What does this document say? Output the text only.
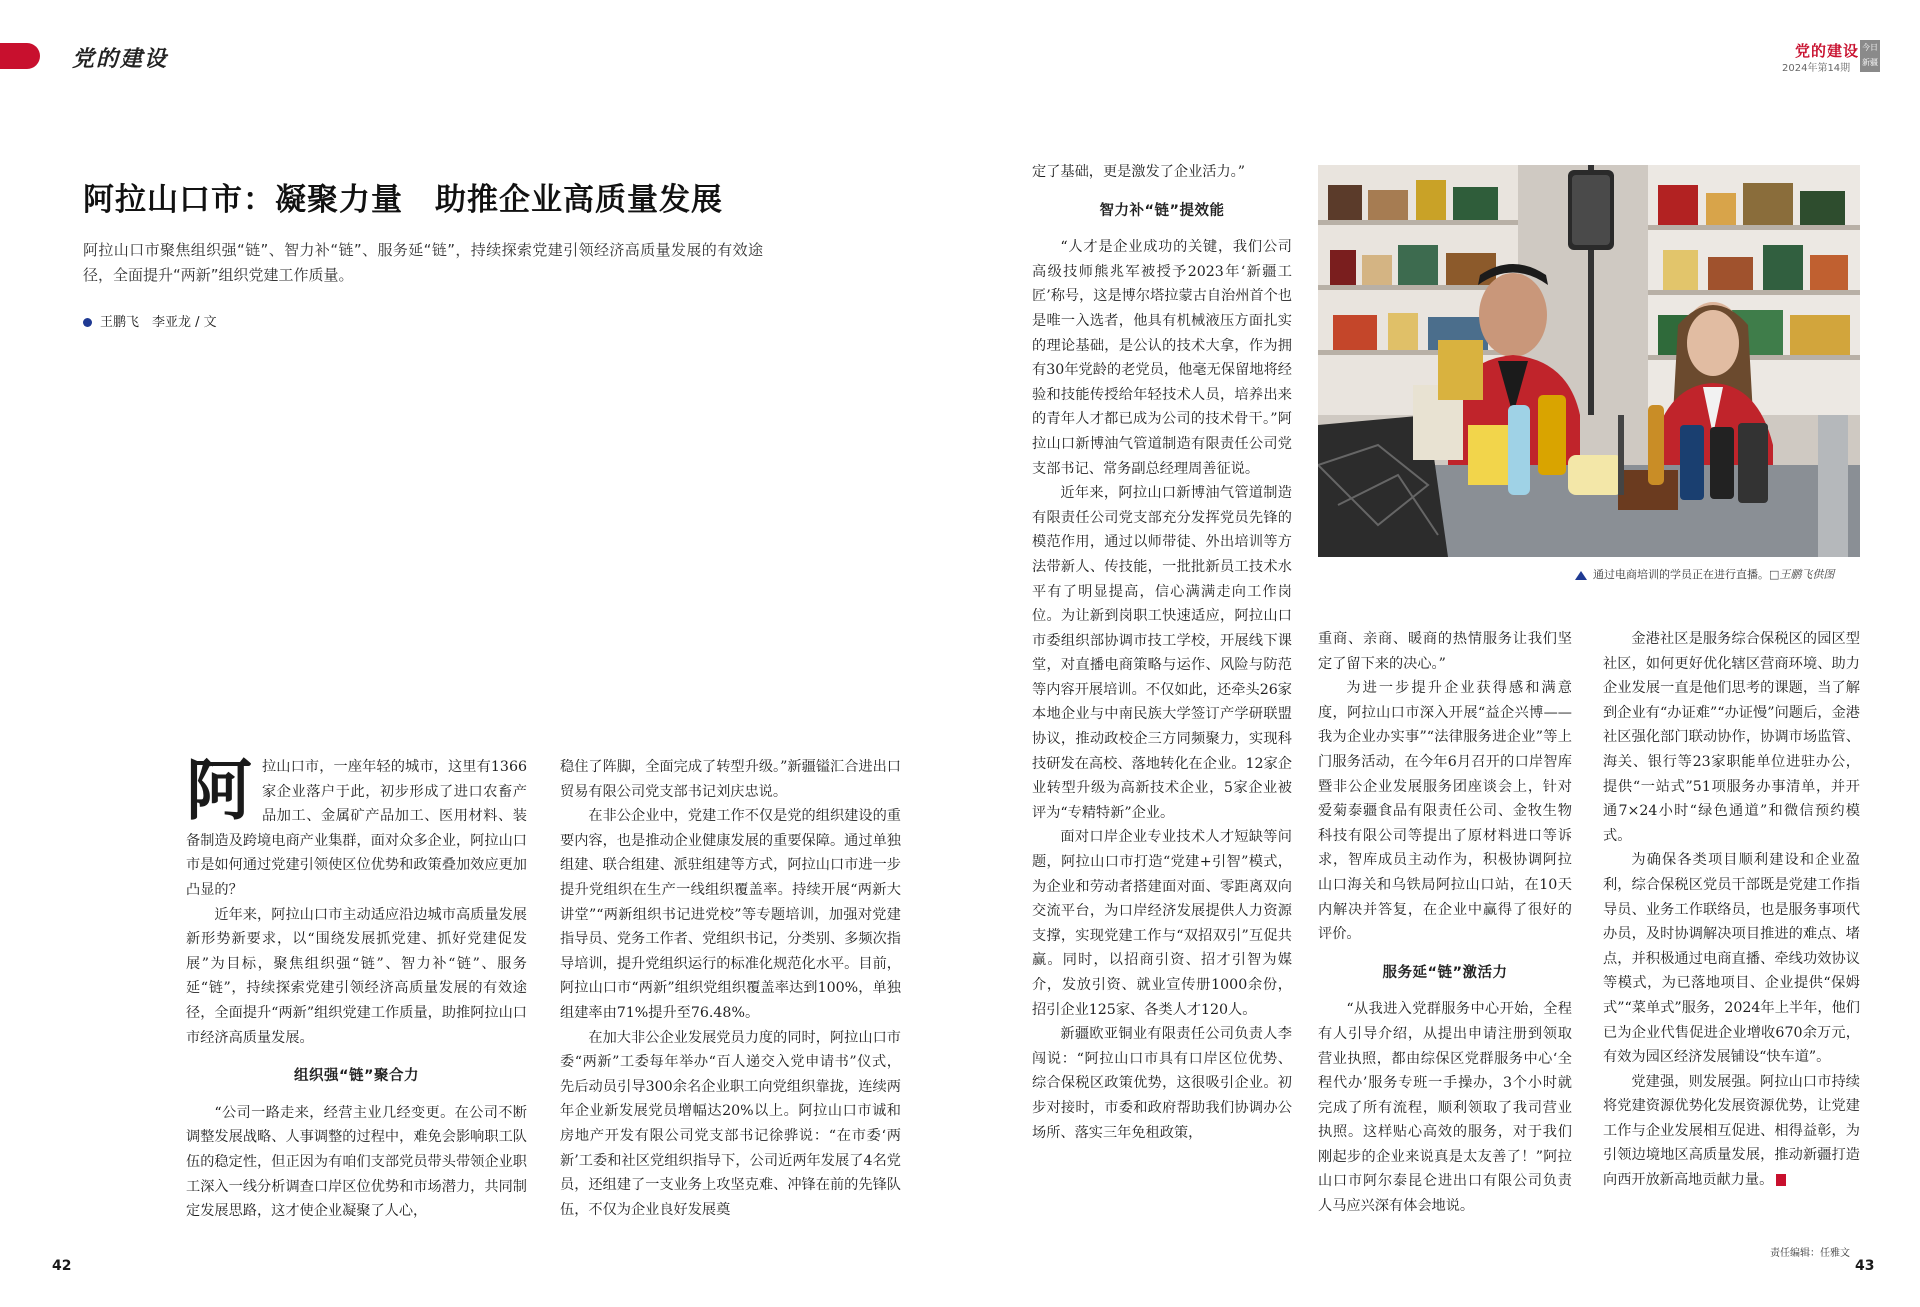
党的建设	党的建设
2024年第14期
今日
新疆
阿拉山口市：凝聚力量　助推企业高质量发展
阿拉山口市聚焦组织强“链”、智力补“链”、服务延“链”，持续探索党建引领经济高质量发展的有效途径，全面提升“两新”组织党建工作质量。
王鹏飞　李亚龙 / 文
阿 拉山口市，一座年轻的城市，这里有1366家企业落户于此，初步形成了进口农畜产品加工、金属矿产品加工、医用材料、装备制造及跨境电商产业集群，面对众多企业，阿拉山口市是如何通过党建引领使区位优势和政策叠加效应更加凸显的？

近年来，阿拉山口市主动适应沿边城市高质量发展新形势新要求，以“围绕发展抓党建、抓好党建促发展”为目标，聚焦组织强“链”、智力补“链”、服务延“链”，持续探索党建引领经济高质量发展的有效途径，全面提升“两新”组织党建工作质量，助推阿拉山口市经济高质量发展。

组织强“链”聚合力

“公司一路走来，经营主业几经变更。在公司不断调整发展战略、人事调整的过程中，难免会影响职工队伍的稳定性，但正因为有咱们支部党员带头带领企业职工深入一线分析调查口岸区位优势和市场潜力，共同制定发展思路，这才使企业凝聚了人心，

稳住了阵脚，全面完成了转型升级。”新疆镒汇合进出口贸易有限公司党支部书记刘庆忠说。

在非公企业中，党建工作不仅是党的组织建设的重要内容，也是推动企业健康发展的重要保障。通过单独组建、联合组建、派驻组建等方式，阿拉山口市进一步提升党组织在生产一线组织覆盖率。持续开展“两新大讲堂”“两新组织书记进党校”等专题培训，加强对党建指导员、党务工作者、党组织书记，分类别、多频次指导培训，提升党组织运行的标准化规范化水平。目前，阿拉山口市“两新”组织党组织覆盖率达到100%，单独组建率由71%提升至76.48%。

在加大非公企业发展党员力度的同时，阿拉山口市委“两新”工委每年举办“百人递交入党申请书”仪式，先后动员引导300余名企业职工向党组织靠拢，连续两年企业新发展党员增幅达20%以上。阿拉山口市诚和房地产开发有限公司党支部书记徐骅说：“在市委‘两新’工委和社区党组织指导下，公司近两年发展了4名党员，还组建了一支业务上攻坚克难、冲锋在前的先锋队伍，不仅为企业良好发展奠

42

定了基础，更是激发了企业活力。”

智力补“链”提效能

“人才是企业成功的关键，我们公司高级技师熊兆军被授予2023年‘新疆工匠’称号，这是博尔塔拉蒙古自治州首个也是唯一入选者，他具有机械液压方面扎实的理论基础，是公认的技术大拿，作为拥有30年党龄的老党员，他毫无保留地将经验和技能传授给年轻技术人员，培养出来的青年人才都已成为公司的技术骨干。”阿拉山口新博油气管道制造有限责任公司党支部书记、常务副总经理周善征说。

近年来，阿拉山口新博油气管道制造有限责任公司党支部充分发挥党员先锋的模范作用，通过以师带徒、外出培训等方法带新人、传技能，一批批新员工技术水平有了明显提高，信心满满走向工作岗位。为让新到岗职工快速适应，阿拉山口市委组织部协调市技工学校，开展线下课堂，对直播电商策略与运作、风险与防范等内容开展培训。不仅如此，还牵头26家本地企业与中南民族大学签订产学研联盟协议，推动政校企三方同频聚力，实现科技研发在高校、落地转化在企业。12家企业转型升级为高新技术企业，5家企业被评为“专精特新”企业。

面对口岸企业专业技术人才短缺等问题，阿拉山口市打造“党建+引智”模式，为企业和劳动者搭建面对面、零距离双向交流平台，为口岸经济发展提供人力资源支撑，实现党建工作与“双招双引”互促共赢。同时，以招商引资、招才引智为媒介，发放引资、就业宣传册1000余份，招引企业125家、各类人才120人。

新疆欧亚铜业有限责任公司负责人李闯说：“阿拉山口市具有口岸区位优势、综合保税区政策优势，这很吸引企业。初步对接时，市委和政府帮助我们协调办公场所、落实三年免租政策，

通过电商培训的学员正在进行直播。□王鹏飞供图

重商、亲商、暖商的热情服务让我们坚定了留下来的决心。”

为进一步提升企业获得感和满意度，阿拉山口市深入开展“益企兴博——我为企业办实事”“法律服务进企业”等上门服务活动，在今年6月召开的口岸智库暨非公企业发展服务团座谈会上，针对爱菊泰疆食品有限责任公司、金牧生物科技有限公司等提出了原材料进口等诉求，智库成员主动作为，积极协调阿拉山口海关和乌铁局阿拉山口站，在10天内解决并答复，在企业中赢得了很好的评价。

服务延“链”激活力

“从我进入党群服务中心开始，全程有人引导介绍，从提出申请注册到领取营业执照，都由综保区党群服务中心‘全程代办’服务专班一手操办，3个小时就完成了所有流程，顺利领取了我司营业执照。这样贴心高效的服务，对于我们刚起步的企业来说真是太友善了！”阿拉山口市阿尔泰昆仑进出口有限公司负责人马应兴深有体会地说。

金港社区是服务综合保税区的园区型社区，如何更好优化辖区营商环境、助力企业发展一直是他们思考的课题，当了解到企业有“办证难”“办证慢”问题后，金港社区强化部门联动协作，协调市场监管、海关、银行等23家职能单位进驻办公，提供“一站式”51项服务办事清单，并开通7×24小时“绿色通道”和微信预约模式。

为确保各类项目顺利建设和企业盈利，综合保税区党员干部既是党建工作指导员、业务工作联络员，也是服务事项代办员，及时协调解决项目推进的难点、堵点，并积极通过电商直播、牵线功效协议等模式，为已落地项目、企业提供“保姆式”“菜单式”服务，2024年上半年，他们已为企业代售促进企业增收670余万元，有效为园区经济发展铺设“快车道”。

党建强，则发展强。阿拉山口市持续将党建资源优势化发展资源优势，让党建工作与企业发展相互促进、相得益彰，为引领边境地区高质量发展，推动新疆打造向西开放新高地贡献力量。

责任编辑：任雅文
43
